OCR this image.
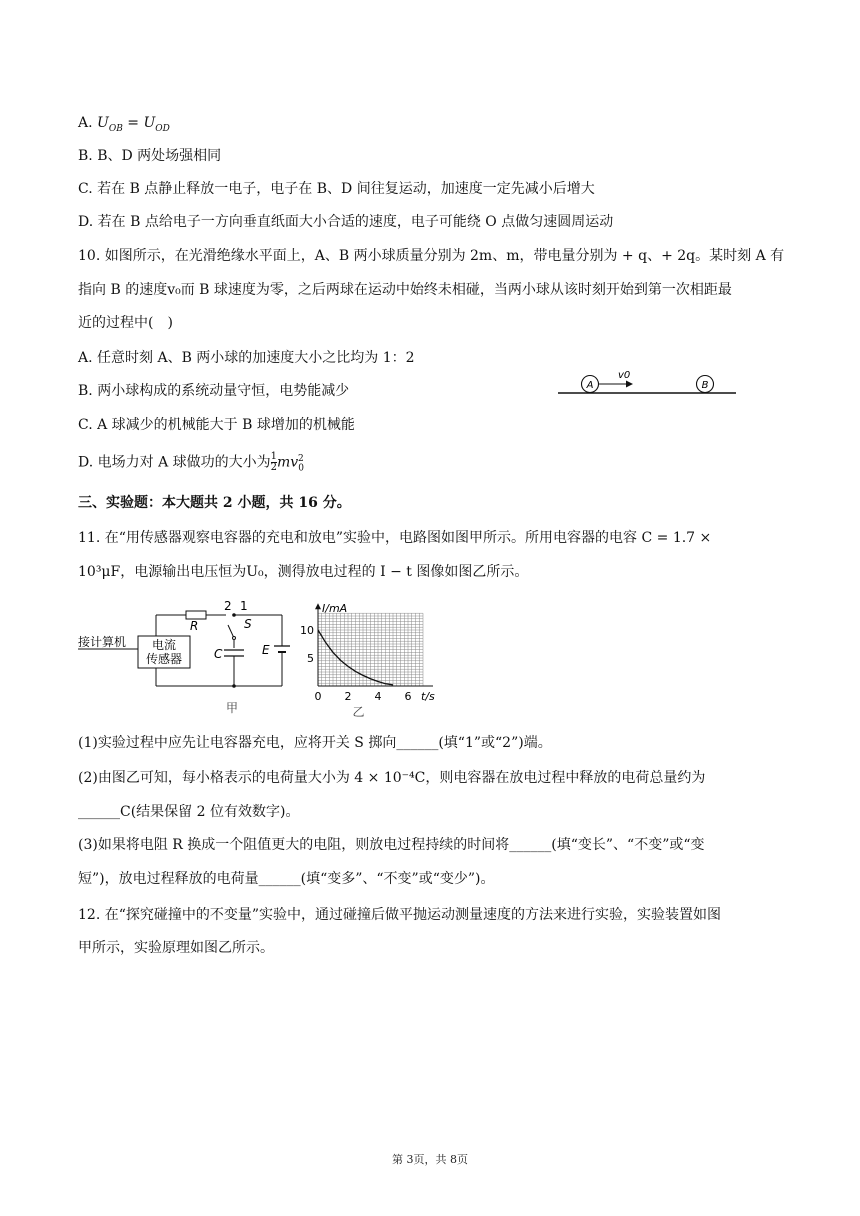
A. $U_{OB} = U_{OD}$
B. B、D 两处场强相同
C. 若在 B 点静止释放一电子，电子在 B、D 间往复运动，加速度一定先减小后增大
D. 若在 B 点给电子一方向垂直纸面大小合适的速度，电子可能绕 O 点做匀速圆周运动
10. 如图所示，在光滑绝缘水平面上，A、B 两小球质量分别为 2m、m，带电量分别为 + q、+ 2q。某时刻 A 有
指向 B 的速度v₀而 B 球速度为零，之后两球在运动中始终未相碰，当两小球从该时刻开始到第一次相距最
近的过程中(　)
A. 任意时刻 A、B 两小球的加速度大小之比均为 1：2
B. 两小球构成的系统动量守恒，电势能减少
C. A 球减少的机械能大于 B 球增加的机械能
D. 电场力对 A 球做功的大小为 $\frac{1}{2} mv_0^2$
A
v0
B
三、实验题：本大题共 2 小题，共 16 分。
11. 在“用传感器观察电容器的充电和放电”实验中，电路图如图甲所示。所用电容器的电容 C = 1.7 ×
10³μF，电源输出电压恒为U₀，测得放电过程的 I − t 图像如图乙所示。
接计算机 电流
传感器
R
2 1
S
C	E
甲
I/mA
t/s
10
5
0 2 4 6
乙
(1)实验过程中应先让电容器充电，应将开关 S 掷向______(填“1”或“2”)端。
(2)由图乙可知，每小格表示的电荷量大小为 4 × 10⁻⁴C，则电容器在放电过程中释放的电荷总量约为
______C(结果保留 2 位有效数字)。
(3)如果将电阻 R 换成一个阻值更大的电阻，则放电过程持续的时间将______(填“变长”、“不变”或“变
短”)，放电过程释放的电荷量______(填“变多”、“不变”或“变少”)。
12. 在“探究碰撞中的不变量”实验中，通过碰撞后做平抛运动测量速度的方法来进行实验，实验装置如图
甲所示，实验原理如图乙所示。
第 3页，共 8页
